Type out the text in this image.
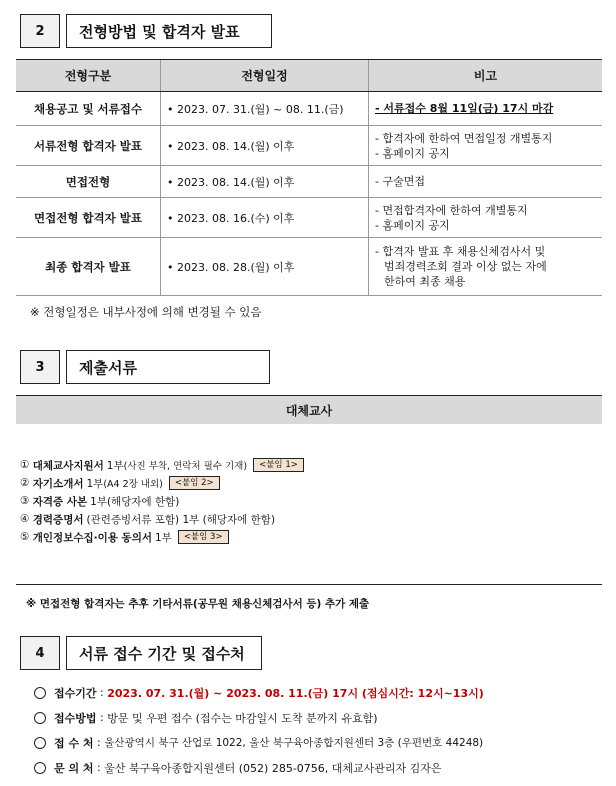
2	전형방법 및 합격자 발표
전형구분	전형일정	비고
채용공고 및 서류접수	• 2023. 07. 31.(월) ~ 08. 11.(금)	- 서류접수 8월 11일(금) 17시 마감
서류전형 합격자 발표	• 2023. 08. 14.(월) 이후	- 합격자에 한하여 면접일정 개별통지
- 홈페이지 공지

면접전형	• 2023. 08. 14.(월) 이후	- 구술면접
면접전형 합격자 발표	• 2023. 08. 16.(수) 이후	- 면접합격자에 한하여 개별통지
- 홈페이지 공지

최종 합격자 발표	• 2023. 08. 28.(월) 이후	- 합격자 발표 후 채용신체검사서 및
범죄경력조회 결과 이상 없는 자에
한하여 최종 채용
※ 전형일정은 내부사정에 의해 변경될 수 있음
3	제출서류
대체교사
①
대체교사지원서 1부 (사진 부착, 연락처 필수 기재)	<붙임 1>
②
자기소개서 1부 (A4 2장 내외)	<붙임 2>
③
자격증 사본 1부(해당자에 한함)
④
경력증명서 (관련증빙서류 포함) 1부 (해당자에 한함)
⑤
개인정보수집·이용 동의서 1부	<붙임 3>
※ 면접전형 합격자는 추후 기타서류(공무원 채용신체검사서 등) 추가 제출
4	서류 접수 기간 및 접수처
접수기간 : 2023. 07. 31.(월) ~ 2023. 08. 11.(금) 17시 (점심시간: 12시~13시)
접수방법 : 방문 및 우편 접수 (접수는 마감일시 도착 분까지 유효함)
접 수 처 : 울산광역시 북구 산업로 1022, 울산 북구육아종합지원센터 3층 (우편번호 44248)
문 의 처 : 울산 북구육아종합지원센터 (052) 285-0756, 대체교사관리자 김자은
